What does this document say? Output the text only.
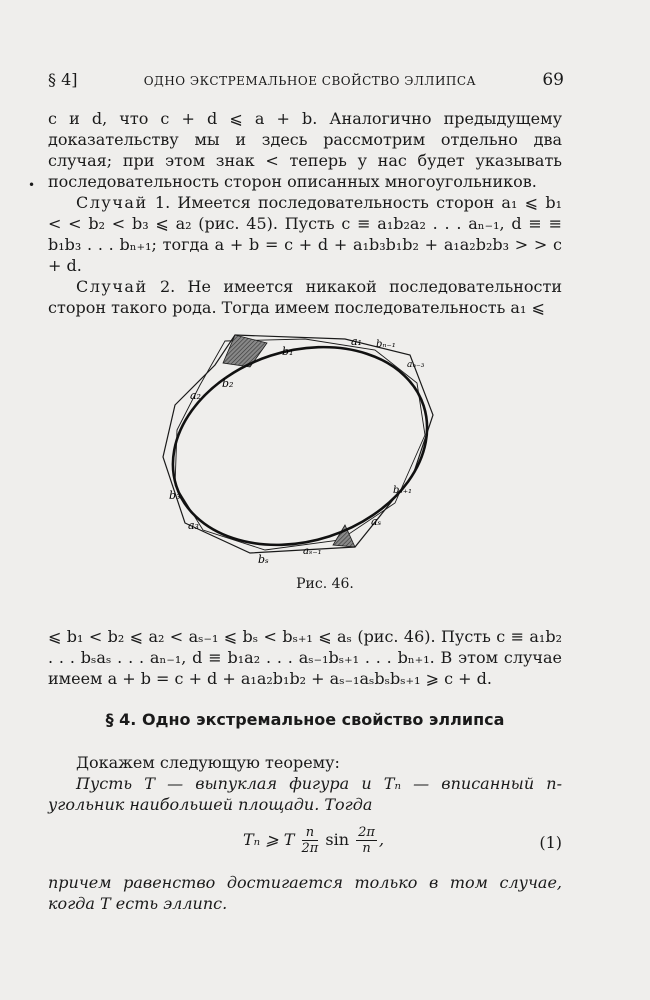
§ 4]	ОДНО ЭКСТРЕМАЛЬНОЕ СВОЙСТВО ЭЛЛИПСА	69
•

c и d, что c + d ⩽ a + b. Аналогично предыдущему доказательству мы и здесь рассмотрим отдельно два случая; при этом знак < теперь у нас будет указывать последовательность сторон описанных многоугольников.

Случай 1. Имеется последовательность сторон a₁ ⩽ b₁ < < b₂ < b₃ ⩽ a₂ (рис. 45). Пусть c ≡ a₁b₂a₂ . . . aₙ₋₁, d ≡ ≡ b₁b₃ . . . bₙ₊₁; тогда a + b = c + d + a₁b₃b₁b₂ + a₁a₂b₂b₃ > > c + d.

Случай 2. Не имеется никакой последовательности сторон такого рода. Тогда имеем последовательность a₁ ⩽

b₁
a₁ bₙ₋₁
aₙ₋₃
b₂
a₂
b₃
a₃
bₛ
aₛ₋₁
aₛ
bₛ₊₁
Рис. 46.

⩽ b₁ < b₂ ⩽ a₂ < aₛ₋₁ ⩽ bₛ < bₛ₊₁ ⩽ aₛ (рис. 46). Пусть c ≡ a₁b₂ . . . bₛaₛ . . . aₙ₋₁, d ≡ b₁a₂ . . . aₛ₋₁bₛ₊₁ . . . bₙ₊₁. В этом случае имеем a + b = c + d + a₁a₂b₁b₂ + aₛ₋₁aₛbₛbₛ₊₁ ⩾ c + d.

§ 4. Одно экстремальное свойство эллипса

Докажем следующую теорему:

Пусть T — выпуклая фигура и Tₙ — вписанный n-угольник наибольшей площади. Тогда

Tₙ ⩾ T $\frac{n}{2\pi}$ $\sin \frac{2\pi}{n}$ ,	(1)

причем равенство достигается только в том случае, когда T есть эллипс.
